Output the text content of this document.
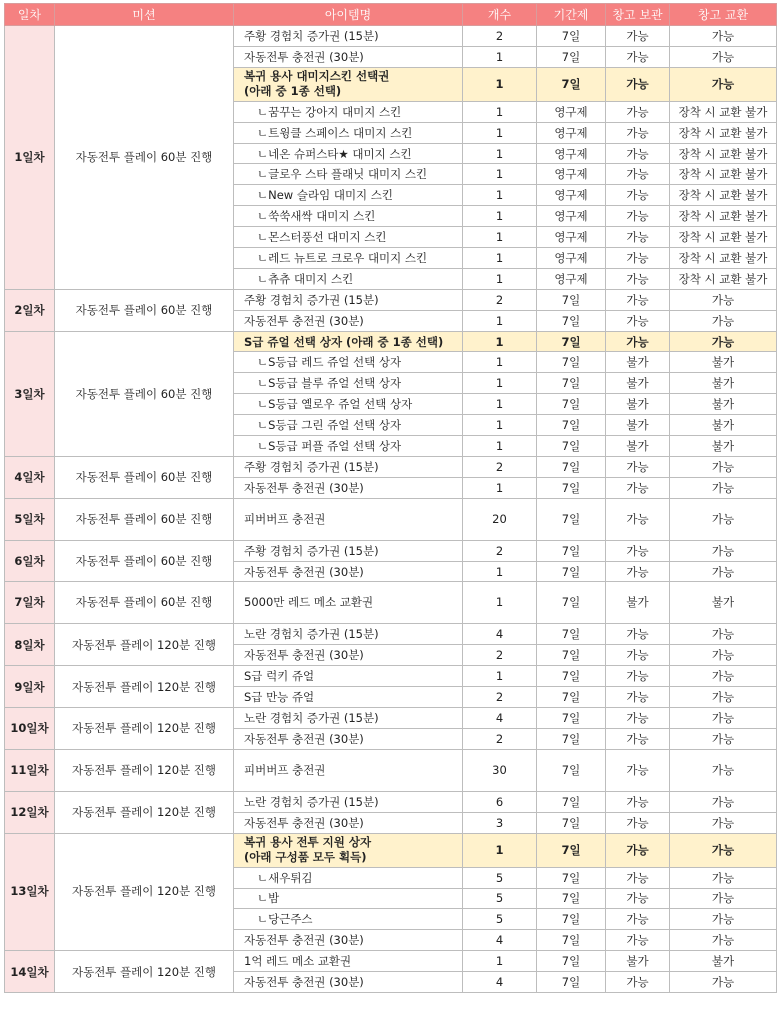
일차	미션	아이템명	개수	기간제	창고 보관	창고 교환
1일차	자동전투 플레이 60분 진행	주황 경험치 증가권 (15분)	2	7일	가능	가능
		자동전투 충전권 (30분)	1	7일	가능	가능
		복귀 용사 대미지스킨 선택권
(아래 중 1종 선택)	1	7일	가능	가능
		ㄴ꿈꾸는 강아지 대미지 스킨	1	영구제	가능	장착 시 교환 불가
		ㄴ트윙클 스페이스 대미지 스킨	1	영구제	가능	장착 시 교환 불가
		ㄴ네온 슈퍼스타★ 대미지 스킨	1	영구제	가능	장착 시 교환 불가
		ㄴ글로우 스타 플래닛 대미지 스킨	1	영구제	가능	장착 시 교환 불가
		ㄴNew 슬라임 대미지 스킨	1	영구제	가능	장착 시 교환 불가
		ㄴ쑥쑥새싹 대미지 스킨	1	영구제	가능	장착 시 교환 불가
		ㄴ몬스터풍선 대미지 스킨	1	영구제	가능	장착 시 교환 불가
		ㄴ레드 뉴트로 크로우 대미지 스킨	1	영구제	가능	장착 시 교환 불가
		ㄴ츄츄 대미지 스킨	1	영구제	가능	장착 시 교환 불가
2일차	자동전투 플레이 60분 진행	주황 경험치 증가권 (15분)	2	7일	가능	가능
		자동전투 충전권 (30분)	1	7일	가능	가능
3일차	자동전투 플레이 60분 진행	S급 쥬얼 선택 상자 (아래 중 1종 선택)	1	7일	가능	가능
		ㄴS등급 레드 쥬얼 선택 상자	1	7일	불가	불가
		ㄴS등급 블루 쥬얼 선택 상자	1	7일	불가	불가
		ㄴS등급 옐로우 쥬얼 선택 상자	1	7일	불가	불가
		ㄴS등급 그린 쥬얼 선택 상자	1	7일	불가	불가
		ㄴS등급 퍼플 쥬얼 선택 상자	1	7일	불가	불가
4일차	자동전투 플레이 60분 진행	주황 경험치 증가권 (15분)	2	7일	가능	가능
		자동전투 충전권 (30분)	1	7일	가능	가능
5일차	자동전투 플레이 60분 진행	피버버프 충전권	20	7일	가능	가능
6일차	자동전투 플레이 60분 진행	주황 경험치 증가권 (15분)	2	7일	가능	가능
		자동전투 충전권 (30분)	1	7일	가능	가능
7일차	자동전투 플레이 60분 진행	5000만 레드 메소 교환권	1	7일	불가	불가
8일차	자동전투 플레이 120분 진행	노란 경험치 증가권 (15분)	4	7일	가능	가능
		자동전투 충전권 (30분)	2	7일	가능	가능
9일차	자동전투 플레이 120분 진행	S급 럭키 쥬얼	1	7일	가능	가능
		S급 만능 쥬얼	2	7일	가능	가능
10일차	자동전투 플레이 120분 진행	노란 경험치 증가권 (15분)	4	7일	가능	가능
		자동전투 충전권 (30분)	2	7일	가능	가능
11일차	자동전투 플레이 120분 진행	피버버프 충전권	30	7일	가능	가능
12일차	자동전투 플레이 120분 진행	노란 경험치 증가권 (15분)	6	7일	가능	가능
		자동전투 충전권 (30분)	3	7일	가능	가능
13일차	자동전투 플레이 120분 진행	복귀 용사 전투 지원 상자
(아래 구성품 모두 획득)	1	7일	가능	가능
		ㄴ새우튀김	5	7일	가능	가능
		ㄴ밤	5	7일	가능	가능
		ㄴ당근주스	5	7일	가능	가능
		자동전투 충전권 (30분)	4	7일	가능	가능
14일차	자동전투 플레이 120분 진행	1억 레드 메소 교환권	1	7일	불가	불가
		자동전투 충전권 (30분)	4	7일	가능	가능
